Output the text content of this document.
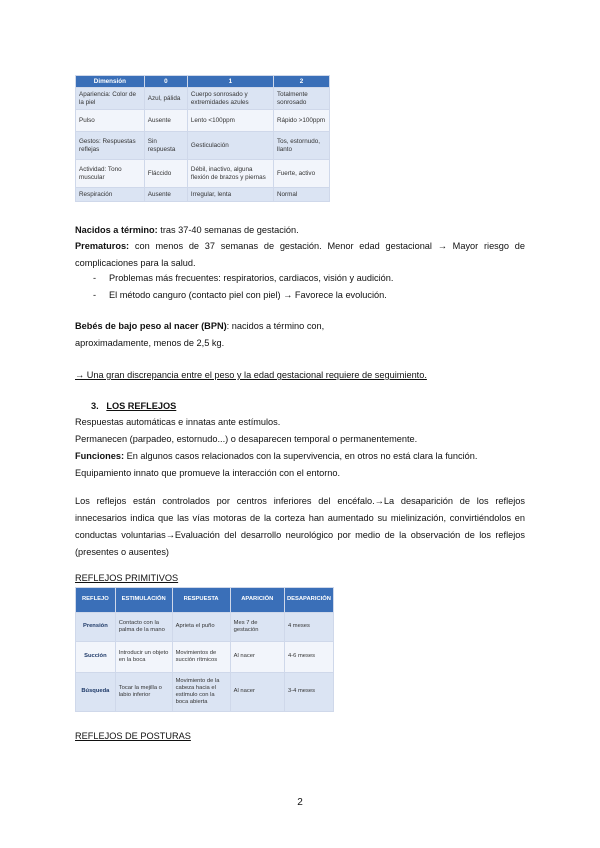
Dimensión	0	1	2
Apariencia: Color de la piel	Azul, pálida	Cuerpo sonrosado y extremidades azules	Totalmente sonrosado
Pulso	Ausente	Lento <100ppm	Rápido >100ppm
Gestos: Respuestas reflejas	Sin respuesta	Gesticulación	Tos, estornudo, llanto
Actividad: Tono muscular	Fláccido	Débil, inactivo, alguna flexión de brazos y piernas	Fuerte, activo
Respiración	Ausente	Irregular, lenta	Normal
Nacidos a término: tras 37-40 semanas de gestación.
Prematuros: con menos de 37 semanas de gestación. Menor edad gestacional → Mayor riesgo de complicaciones para la salud.
- Problemas más frecuentes: respiratorios, cardiacos, visión y audición.
- El método canguro (contacto piel con piel) → Favorece la evolución.
Bebés de bajo peso al nacer (BPN): nacidos a término con,
aproximadamente, menos de 2,5 kg.
→ Una gran discrepancia entre el peso y la edad gestacional requiere de seguimiento.
3. LOS REFLEJOS
Respuestas automáticas e innatas ante estímulos.
Permanecen (parpadeo, estornudo...) o desaparecen temporal o permanentemente.
Funciones: En algunos casos relacionados con la supervivencia, en otros no está clara la función.
Equipamiento innato que promueve la interacción con el entorno.
Los reflejos están controlados por centros inferiores del encéfalo.→La desaparición de los reflejos innecesarios indica que las vías motoras de la corteza han aumentado su mielinización, convirtiéndolos en conductas voluntarias→Evaluación del desarrollo neurológico por medio de la observación de los reflejos (presentes o ausentes)
REFLEJOS PRIMITIVOS
REFLEJO	ESTIMULACIÓN	RESPUESTA	APARICIÓN	DESAPARICIÓN
Prensión	Contacto con la palma de la mano	Aprieta el puño	Mes 7 de gestación	4 meses
Succión	Introducir un objeto en la boca	Movimientos de succión rítmicos	Al nacer	4-6 meses
Búsqueda	Tocar la mejilla o labio inferior	Movimiento de la cabeza hacia el estímulo con la boca abierta	Al nacer	3-4 meses
REFLEJOS DE POSTURAS
2
